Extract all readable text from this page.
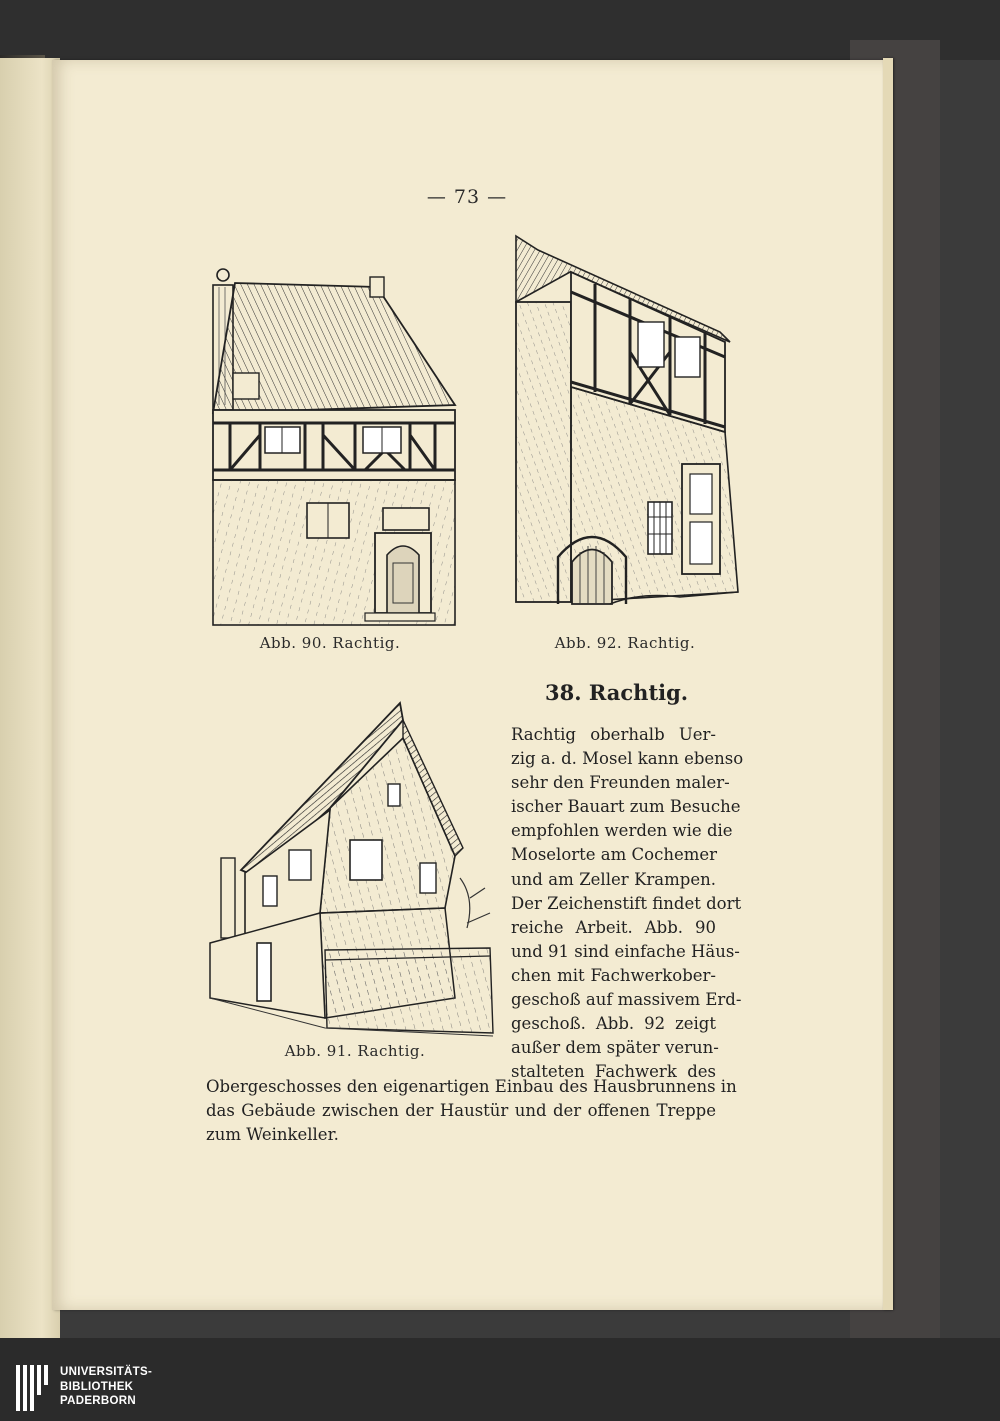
— 73 —
Abb. 90. Rachtig.	Abb. 92. Rachtig.
Abb. 91. Rachtig.
38. Rachtig.
Rachtig oberhalb Uer-
zig a. d. Mosel kann ebenso
sehr den Freunden maler-
ischer Bauart zum Besuche
empfohlen werden wie die
Moselorte am Cochemer
und am Zeller Krampen.
Der Zeichenstift findet dort
reiche Arbeit. Abb. 90
und 91 sind einfache Häus-
chen mit Fachwerkober-
geschoß auf massivem Erd-
geschoß. Abb. 92 zeigt
außer dem später verun-
stalteten Fachwerk des
Obergeschosses den eigenartigen Einbau des Hausbrunnens in
das Gebäude zwischen der Haustür und der offenen Treppe
zum Weinkeller.
UNIVERSITÄTS-
BIBLIOTHEK
PADERBORN
